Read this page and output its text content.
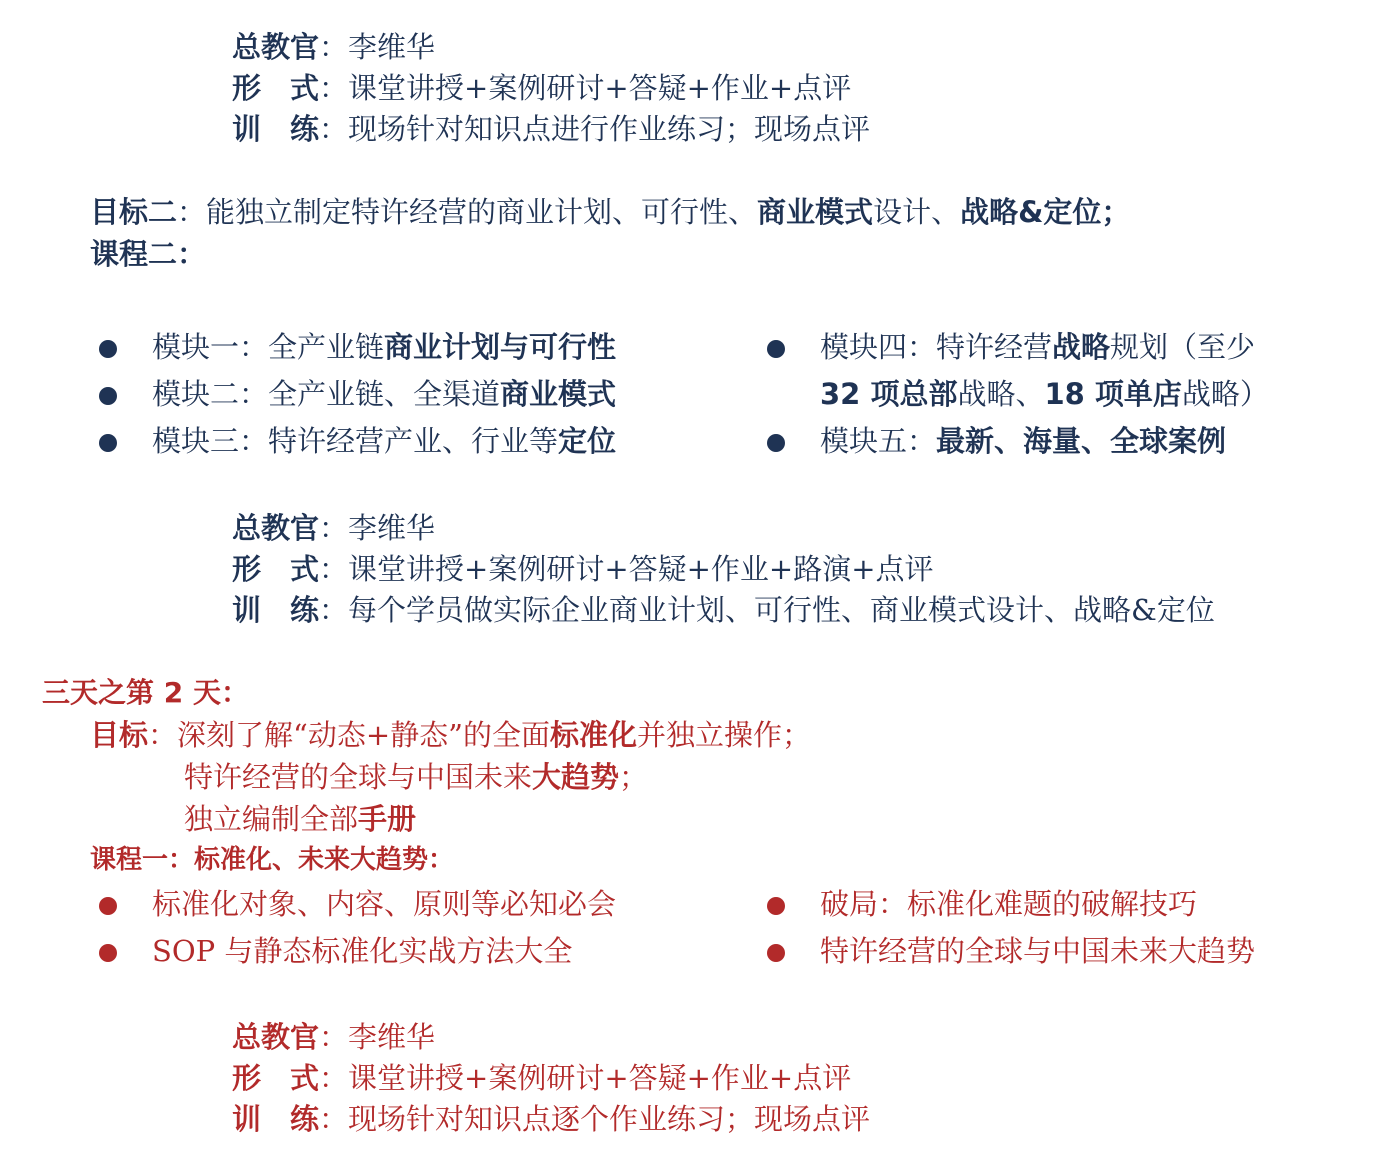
总教官：李维华
形　式：课堂讲授+案例研讨+答疑+作业+点评
训　练：现场针对知识点进行作业练习；现场点评
目标二：能独立制定特许经营的商业计划、可行性、商业模式设计、战略&定位；
课程二：
模块一：全产业链商业计划与可行性
模块二：全产业链、全渠道商业模式
模块三：特许经营产业、行业等定位
模块四：特许经营战略规划（至少
32 项总部战略、18 项单店战略）
模块五：最新、海量、全球案例
总教官：李维华
形　式：课堂讲授+案例研讨+答疑+作业+路演+点评
训　练：每个学员做实际企业商业计划、可行性、商业模式设计、战略&定位
三天之第 2 天：
目标：深刻了解“动态+静态”的全面标准化并独立操作；
特许经营的全球与中国未来大趋势；
独立编制全部手册
课程一：标准化、未来大趋势：
标准化对象、内容、原则等必知必会
SOP 与静态标准化实战方法大全
破局：标准化难题的破解技巧
特许经营的全球与中国未来大趋势
总教官：李维华
形　式：课堂讲授+案例研讨+答疑+作业+点评
训　练：现场针对知识点逐个作业练习；现场点评
